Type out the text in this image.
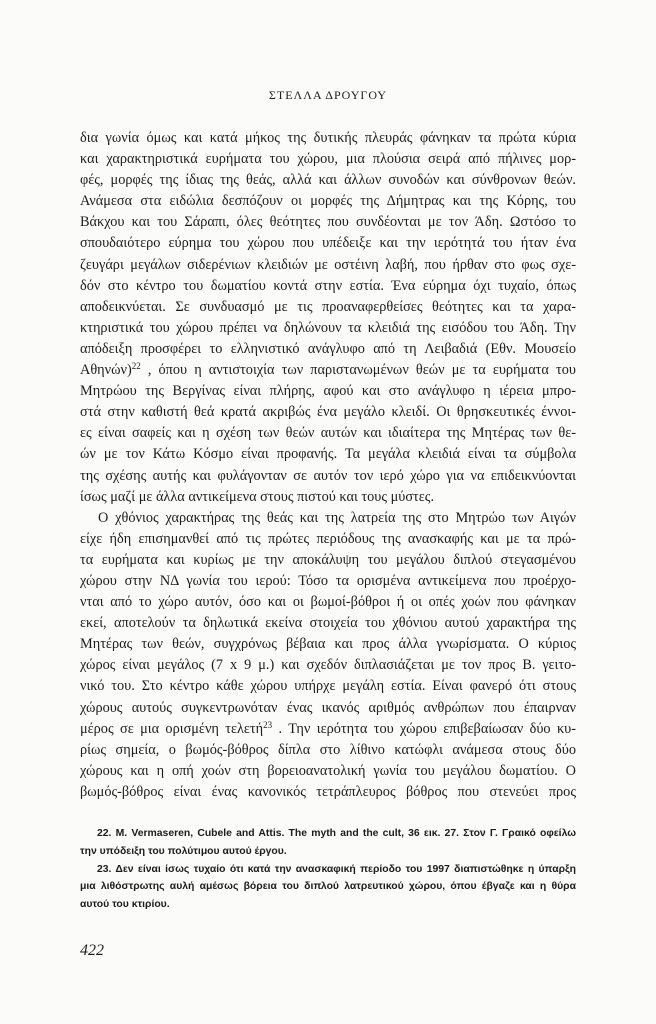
ΣΤΕΛΛΑ ΔΡΟΥΓΟΥ

δια γωνία όμως και κατά μήκος της δυτικής πλευράς φάνηκαν τα πρώτα κύρια
και χαρακτηριστικά ευρήματα του χώρου, μια πλούσια σειρά από πήλινες μορ-
φές, μορφές της ίδιας της θεάς, αλλά και άλλων συνοδών και σύνθρονων θεών.
Ανάμεσα στα ειδώλια δεσπόζουν οι μορφές της Δήμητρας και της Κόρης, του
Βάκχου και του Σάραπι, όλες θεότητες που συνδέονται με τον Άδη. Ωστόσο το
σπουδαιότερο εύρημα του χώρου που υπέδειξε και την ιερότητά του ήταν ένα
ζευγάρι μεγάλων σιδερένιων κλειδιών με οστέινη λαβή, που ήρθαν στο φως σχε-
δόν στο κέντρο του δωματίου κοντά στην εστία. Ένα εύρημα όχι τυχαίο, όπως
αποδεικνύεται. Σε συνδυασμό με τις προαναφερθείσες θεότητες και τα χαρα-
κτηριστικά του χώρου πρέπει να δηλώνουν τα κλειδιά της εισόδου του Άδη. Την
απόδειξη προσφέρει το ελληνιστικό ανάγλυφο από τη Λειβαδιά (Εθν. Μουσείο
Αθηνών)$^{22}$ , όπου η αντιστοιχία των παριστανωμένων θεών με τα ευρήματα του
Μητρώου της Βεργίνας είναι πλήρης, αφού και στο ανάγλυφο η ιέρεια μπρο-
στά στην καθιστή θεά κρατά ακριβώς ένα μεγάλο κλειδί. Οι θρησκευτικές έννοι-
ες είναι σαφείς και η σχέση των θεών αυτών και ιδιαίτερα της Μητέρας των θε-
ών με τον Κάτω Κόσμο είναι προφανής. Τα μεγάλα κλειδιά είναι τα σύμβολα
της σχέσης αυτής και φυλάγονταν σε αυτόν τον ιερό χώρο για να επιδεικνύονται
ίσως μαζί με άλλα αντικείμενα στους πιστού και τους μύστες.

Ο χθόνιος χαρακτήρας της θεάς και της λατρεία της στο Μητρώο των Αιγών
είχε ήδη επισημανθεί από τις πρώτες περιόδους της ανασκαφής και με τα πρώ-
τα ευρήματα και κυρίως με την αποκάλυψη του μεγάλου διπλού στεγασμένου
χώρου στην ΝΔ γωνία του ιερού: Τόσο τα ορισμένα αντικείμενα που προέρχο-
νται από το χώρο αυτόν, όσο και οι βωμοί-βόθροι ή οι οπές χοών που φάνηκαν
εκεί, αποτελούν τα δηλωτικά εκείνα στοιχεία του χθόνιου αυτού χαρακτήρα της
Μητέρας των θεών, συγχρόνως βέβαια και προς άλλα γνωρίσματα. Ο κύριος
χώρος είναι μεγάλος (7 x 9 μ.) και σχεδόν διπλασιάζεται με τον προς Β. γειτο-
νικό του. Στο κέντρο κάθε χώρου υπήρχε μεγάλη εστία. Είναι φανερό ότι στους
χώρους αυτούς συγκεντρωνόταν ένας ικανός αριθμός ανθρώπων που έπαιρναν
μέρος σε μια ορισμένη τελετή$^{23}$ . Την ιερότητα του χώρου επιβεβαίωσαν δύο κυ-
ρίως σημεία, ο βωμός-βόθρος δίπλα στο λίθινο κατώφλι ανάμεσα στους δύο
χώρους και η οπή χοών στη βορειοανατολική γωνία του μεγάλου δωματίου. Ο
βωμός-βόθρος είναι ένας κανονικός τετράπλευρος βόθρος που στενεύει προς

22. M. Vermaseren, Cubele and Attis. The myth and the cult, 36 εικ. 27. Στον Γ. Γραικό οφείλω
την υπόδειξη του πολύτιμου αυτού έργου.
23. Δεν είναι ίσως τυχαίο ότι κατά την ανασκαφική περίοδο του 1997 διαπιστώθηκε η ύπαρξη
μια λιθόστρωτης αυλή αμέσως βόρεια του διπλού λατρευτικού χώρου, όπου έβγαζε και η θύρα
αυτού του κτιρίου.
422
